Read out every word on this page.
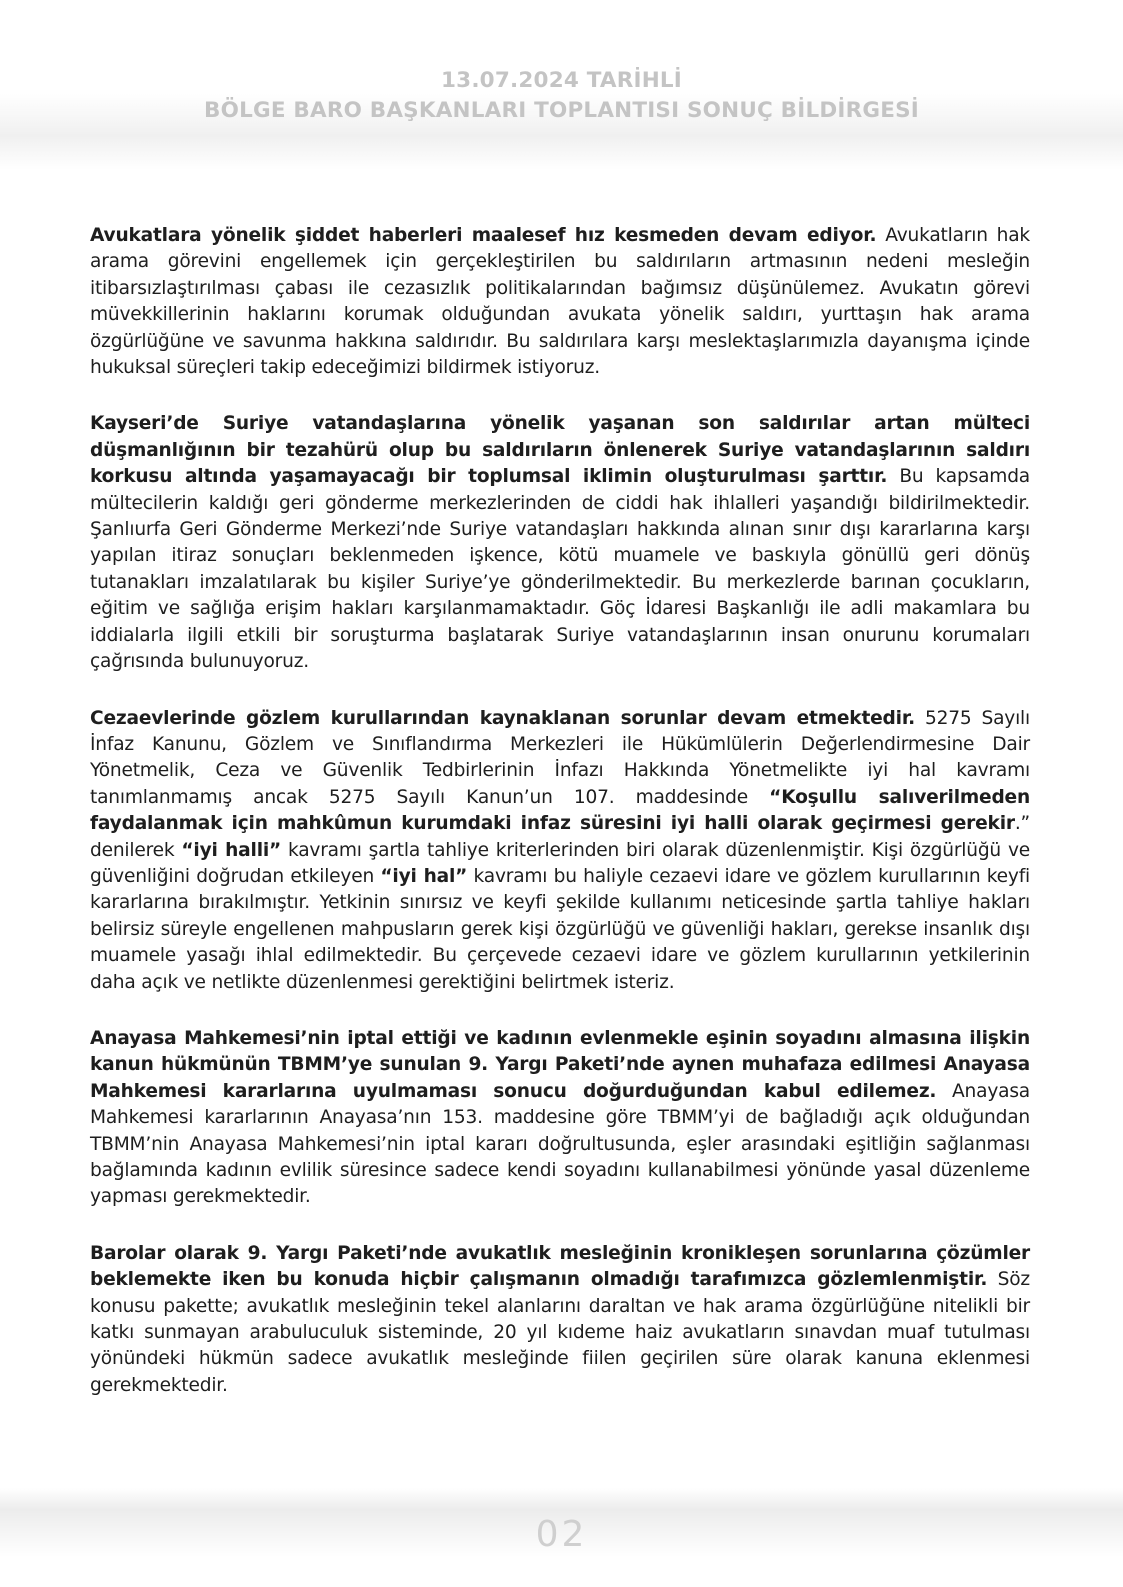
13.07.2024 TARİHLİ
BÖLGE BARO BAŞKANLARI TOPLANTISI SONUÇ BİLDİRGESİ

Avukatlara yönelik şiddet haberleri maalesef hız kesmeden devam ediyor. Avukatların hak arama görevini engellemek için gerçekleştirilen bu saldırıların artmasının nedeni mesleğin itibarsızlaştırılması çabası ile cezasızlık politikalarından bağımsız düşünülemez. Avukatın görevi müvekkillerinin haklarını korumak olduğundan avukata yönelik saldırı, yurttaşın hak arama özgürlüğüne ve savunma hakkına saldırıdır. Bu saldırılara karşı meslektaşlarımızla dayanışma içinde hukuksal süreçleri takip edeceğimizi bildirmek istiyoruz.

Kayseri’de Suriye vatandaşlarına yönelik yaşanan son saldırılar artan mülteci düşmanlığının bir tezahürü olup bu saldırıların önlenerek Suriye vatandaşlarının saldırı korkusu altında yaşamayacağı bir toplumsal iklimin oluşturulması şarttır. Bu kapsamda mültecilerin kaldığı geri gönderme merkezlerinden de ciddi hak ihlalleri yaşandığı bildirilmektedir. Şanlıurfa Geri Gönderme Merkezi’nde Suriye vatandaşları hakkında alınan sınır dışı kararlarına karşı yapılan itiraz sonuçları beklenmeden işkence, kötü muamele ve baskıyla gönüllü geri dönüş tutanakları imzalatılarak bu kişiler Suriye’ye gönderilmektedir. Bu merkezlerde barınan çocukların, eğitim ve sağlığa erişim hakları karşılanmamaktadır. Göç İdaresi Başkanlığı ile adli makamlara bu iddialarla ilgili etkili bir soruşturma başlatarak Suriye vatandaşlarının insan onurunu korumaları çağrısında bulunuyoruz.

Cezaevlerinde gözlem kurullarından kaynaklanan sorunlar devam etmektedir. 5275 Sayılı İnfaz Kanunu, Gözlem ve Sınıflandırma Merkezleri ile Hükümlülerin Değerlendirmesine Dair Yönetmelik, Ceza ve Güvenlik Tedbirlerinin İnfazı Hakkında Yönetmelikte iyi hal kavramı tanımlanmamış ancak 5275 Sayılı Kanun’un 107. maddesinde “Koşullu salıverilmeden faydalanmak için mahkûmun kurumdaki infaz süresini iyi halli olarak geçirmesi gerekir.” denilerek “iyi halli” kavramı şartla tahliye kriterlerinden biri olarak düzenlenmiştir. Kişi özgürlüğü ve güvenliğini doğrudan etkileyen “iyi hal” kavramı bu haliyle cezaevi idare ve gözlem kurullarının keyfi kararlarına bırakılmıştır. Yetkinin sınırsız ve keyfi şekilde kullanımı neticesinde şartla tahliye hakları belirsiz süreyle engellenen mahpusların gerek kişi özgürlüğü ve güvenliği hakları, gerekse insanlık dışı muamele yasağı ihlal edilmektedir. Bu çerçevede cezaevi idare ve gözlem kurullarının yetkilerinin daha açık ve netlikte düzenlenmesi gerektiğini belirtmek isteriz.

Anayasa Mahkemesi’nin iptal ettiği ve kadının evlenmekle eşinin soyadını almasına ilişkin kanun hükmünün TBMM’ye sunulan 9. Yargı Paketi’nde aynen muhafaza edilmesi Anayasa Mahkemesi kararlarına uyulmaması sonucu doğurduğundan kabul edilemez. Anayasa Mahkemesi kararlarının Anayasa’nın 153. maddesine göre TBMM’yi de bağladığı açık olduğundan TBMM’nin Anayasa Mahkemesi’nin iptal kararı doğrultusunda, eşler arasındaki eşitliğin sağlanması bağlamında kadının evlilik süresince sadece kendi soyadını kullanabilmesi yönünde yasal düzenleme yapması gerekmektedir.

Barolar olarak 9. Yargı Paketi’nde avukatlık mesleğinin kronikleşen sorunlarına çözümler beklemekte iken bu konuda hiçbir çalışmanın olmadığı tarafımızca gözlemlenmiştir. Söz konusu pakette; avukatlık mesleğinin tekel alanlarını daraltan ve hak arama özgürlüğüne nitelikli bir katkı sunmayan arabuluculuk sisteminde, 20 yıl kıdeme haiz avukatların sınavdan muaf tutulması yönündeki hükmün sadece avukatlık mesleğinde fiilen geçirilen süre olarak kanuna eklenmesi gerekmektedir.

02
